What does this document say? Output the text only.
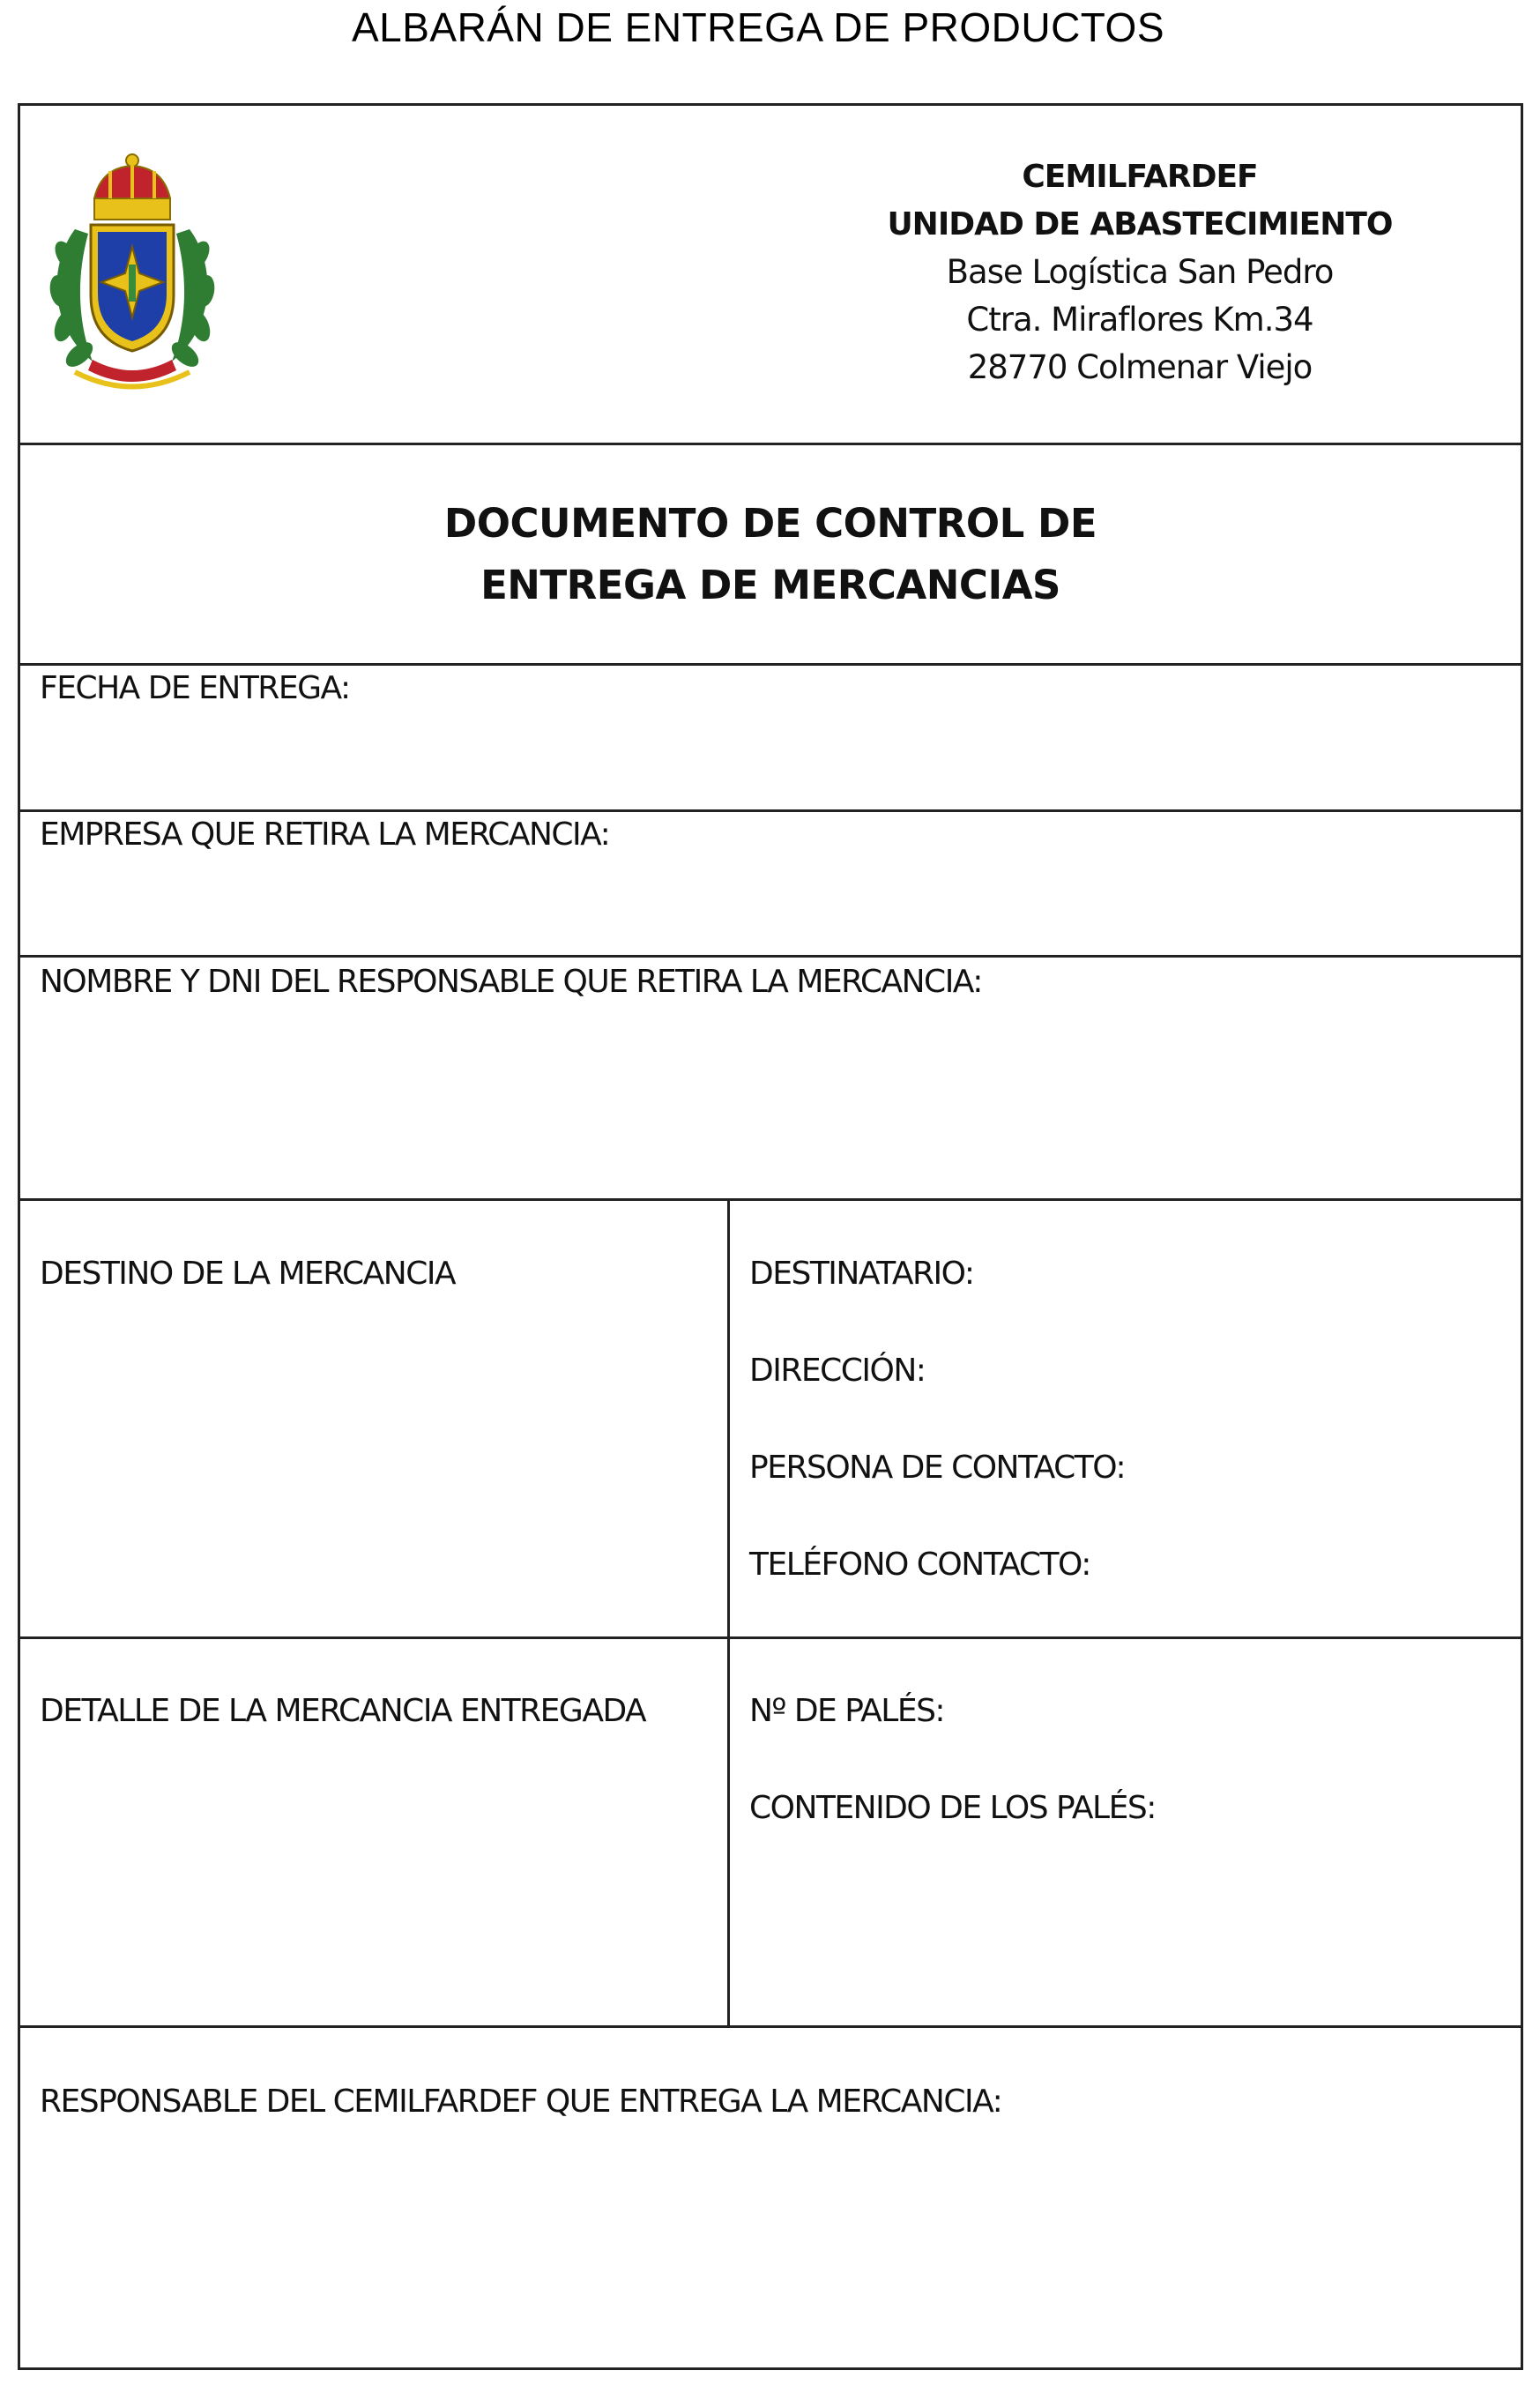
ALBARÁN DE ENTREGA DE PRODUCTOS
CEMILFARDEF
UNIDAD DE ABASTECIMIENTO
Base Logística San Pedro
Ctra. Miraflores Km.34
28770 Colmenar Viejo
DOCUMENTO DE CONTROL DE
ENTREGA DE MERCANCIAS
FECHA DE ENTREGA:
EMPRESA QUE RETIRA LA MERCANCIA:
NOMBRE Y DNI DEL RESPONSABLE QUE RETIRA LA MERCANCIA:
DESTINO DE LA MERCANCIA	DESTINATARIO:
DIRECCIÓN:
PERSONA DE CONTACTO:
TELÉFONO CONTACTO:
DETALLE DE LA MERCANCIA ENTREGADA	Nº DE PALÉS:
CONTENIDO DE LOS PALÉS:
RESPONSABLE DEL CEMILFARDEF QUE ENTREGA LA MERCANCIA:
